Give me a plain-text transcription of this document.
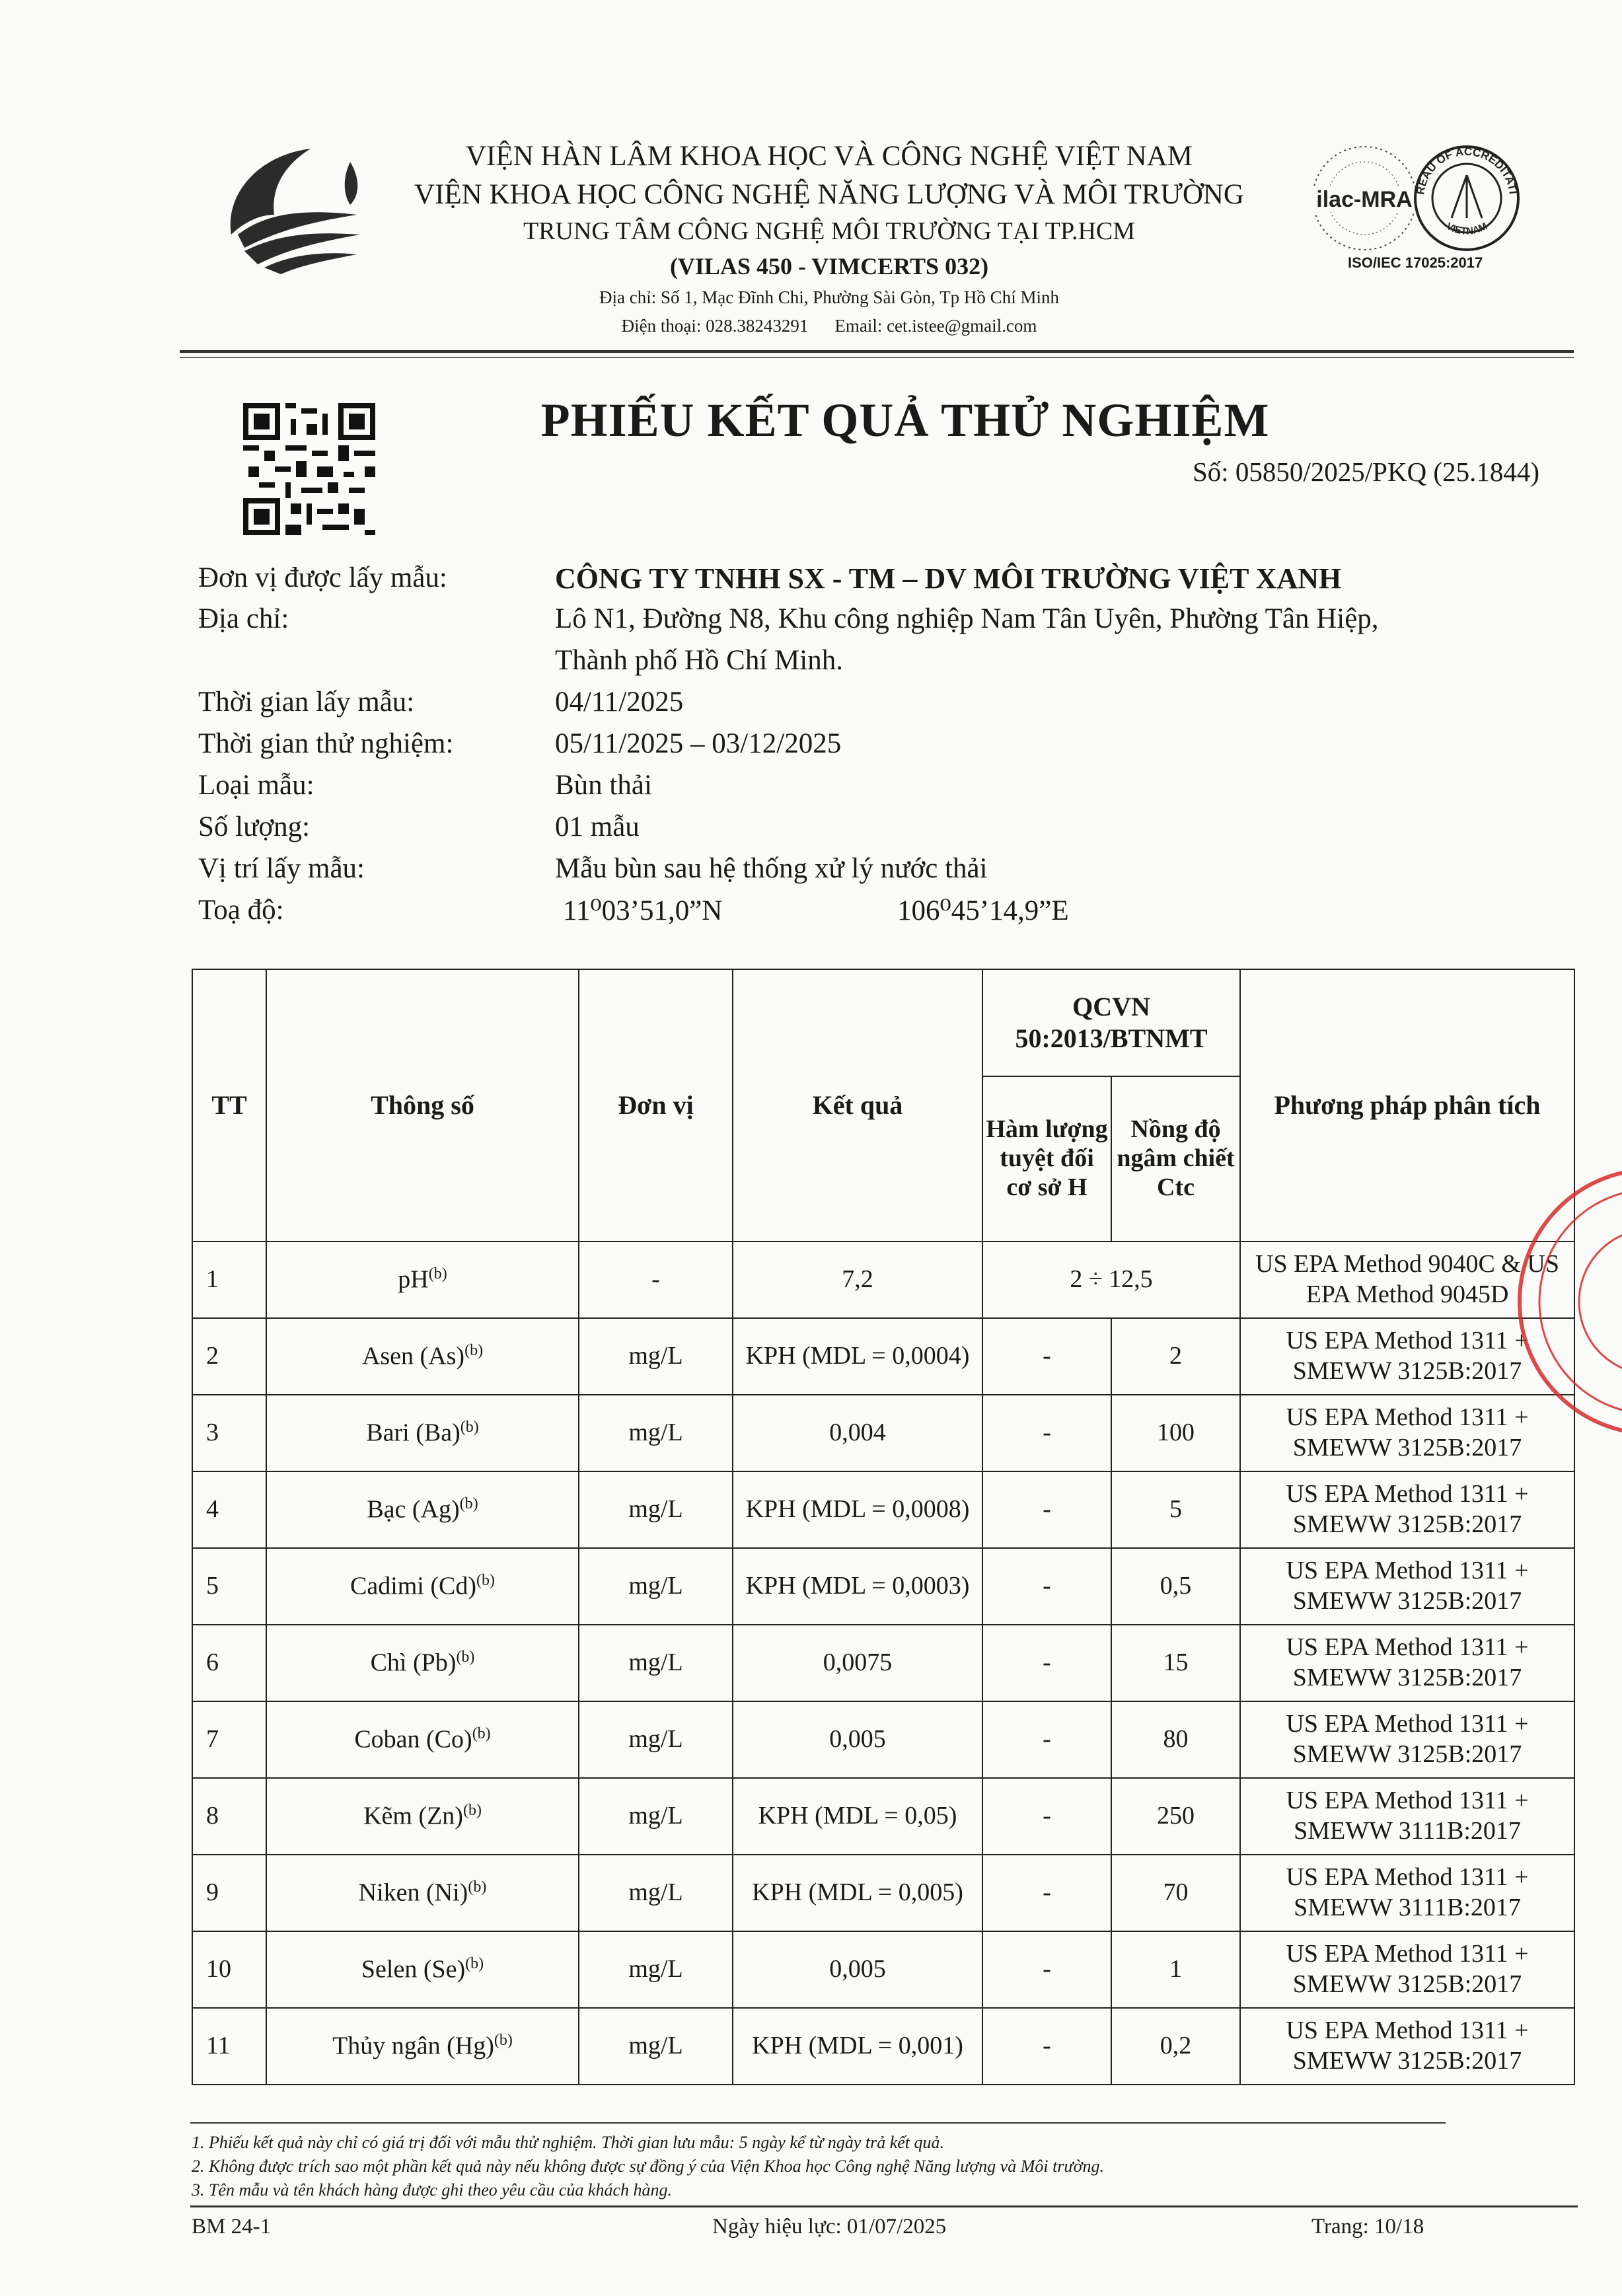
VIỆN HÀN LÂM KHOA HỌC VÀ CÔNG NGHỆ VIỆT NAM
VIỆN KHOA HỌC CÔNG NGHỆ NĂNG LƯỢNG VÀ MÔI TRƯỜNG
TRUNG TÂM CÔNG NGHỆ MÔI TRƯỜNG TẠI TP.HCM
(VILAS 450 - VIMCERTS 032)
Địa chỉ: Số 1, Mạc Đĩnh Chi, Phường Sài Gòn, Tp Hồ Chí Minh
Điện thoại: 028.38243291 Email: cet.istee@gmail.com
ilac-MRA REAU OF ACCREDITATI
VIETNAM
ISO/IEC 17025:2017
PHIẾU KẾT QUẢ THỬ NGHIỆM
Số: 05850/2025/PKQ (25.1844)
Đơn vị được lấy mẫu:	CÔNG TY TNHH SX - TM – DV MÔI TRƯỜNG VIỆT XANH
Địa chỉ:	Lô N1, Đường N8, Khu công nghiệp Nam Tân Uyên, Phường Tân Hiệp,
Thành phố Hồ Chí Minh.
Thời gian lấy mẫu:	04/11/2025
Thời gian thử nghiệm:	05/11/2025 – 03/12/2025
Loại mẫu:	Bùn thải
Số lượng:	01 mẫu
Vị trí lấy mẫu:	Mẫu bùn sau hệ thống xử lý nước thải
Toạ độ:	11⁰03’51,0”N	106⁰45’14,9”E
TT	Thông số	Đơn vị	Kết quả	QCVN 50:2013/BTNMT		Phương pháp phân tích
				Hàm lượng tuyệt đối cơ sở H	Nồng độ ngâm chiết Ctc	
1	$pH^{(b)}$	-	7,2	2 ÷ 12,5		US EPA Method 9040C & US EPA Method 9045D
2	Asen $(As)^{(b)}$	mg/L	KPH (MDL = 0,0004)	-	2	US EPA Method 1311 + SMEWW 3125B:2017
3	Bari $(Ba)^{(b)}$	mg/L	0,004	-	100	US EPA Method 1311 + SMEWW 3125B:2017
4	Bạc $(Ag)^{(b)}$	mg/L	KPH (MDL = 0,0008)	-	5	US EPA Method 1311 + SMEWW 3125B:2017
5	Cadimi $(Cd)^{(b)}$	mg/L	KPH (MDL = 0,0003)	-	0,5	US EPA Method 1311 + SMEWW 3125B:2017
6	Chì $(Pb)^{(b)}$	mg/L	0,0075	-	15	US EPA Method 1311 + SMEWW 3125B:2017
7	Coban $(Co)^{(b)}$	mg/L	0,005	-	80	US EPA Method 1311 + SMEWW 3125B:2017
8	Kẽm $(Zn)^{(b)}$	mg/L	KPH (MDL = 0,05)	-	250	US EPA Method 1311 + SMEWW 3111B:2017
9	Niken $(Ni)^{(b)}$	mg/L	KPH (MDL = 0,005)	-	70	US EPA Method 1311 + SMEWW 3111B:2017
10	Selen $(Se)^{(b)}$	mg/L	0,005	-	1	US EPA Method 1311 + SMEWW 3125B:2017
11	Thủy ngân $(Hg)^{(b)}$	mg/L	KPH (MDL = 0,001)	-	0,2	US EPA Method 1311 + SMEWW 3125B:2017
1. Phiếu kết quả này chỉ có giá trị đối với mẫu thử nghiệm. Thời gian lưu mẫu: 5 ngày kể từ ngày trả kết quả.
2. Không được trích sao một phần kết quả này nếu không được sự đồng ý của Viện Khoa học Công nghệ Năng lượng và Môi trường.
3. Tên mẫu và tên khách hàng được ghi theo yêu cầu của khách hàng.
BM 24-1	Ngày hiệu lực: 01/07/2025	Trang: 10/18
